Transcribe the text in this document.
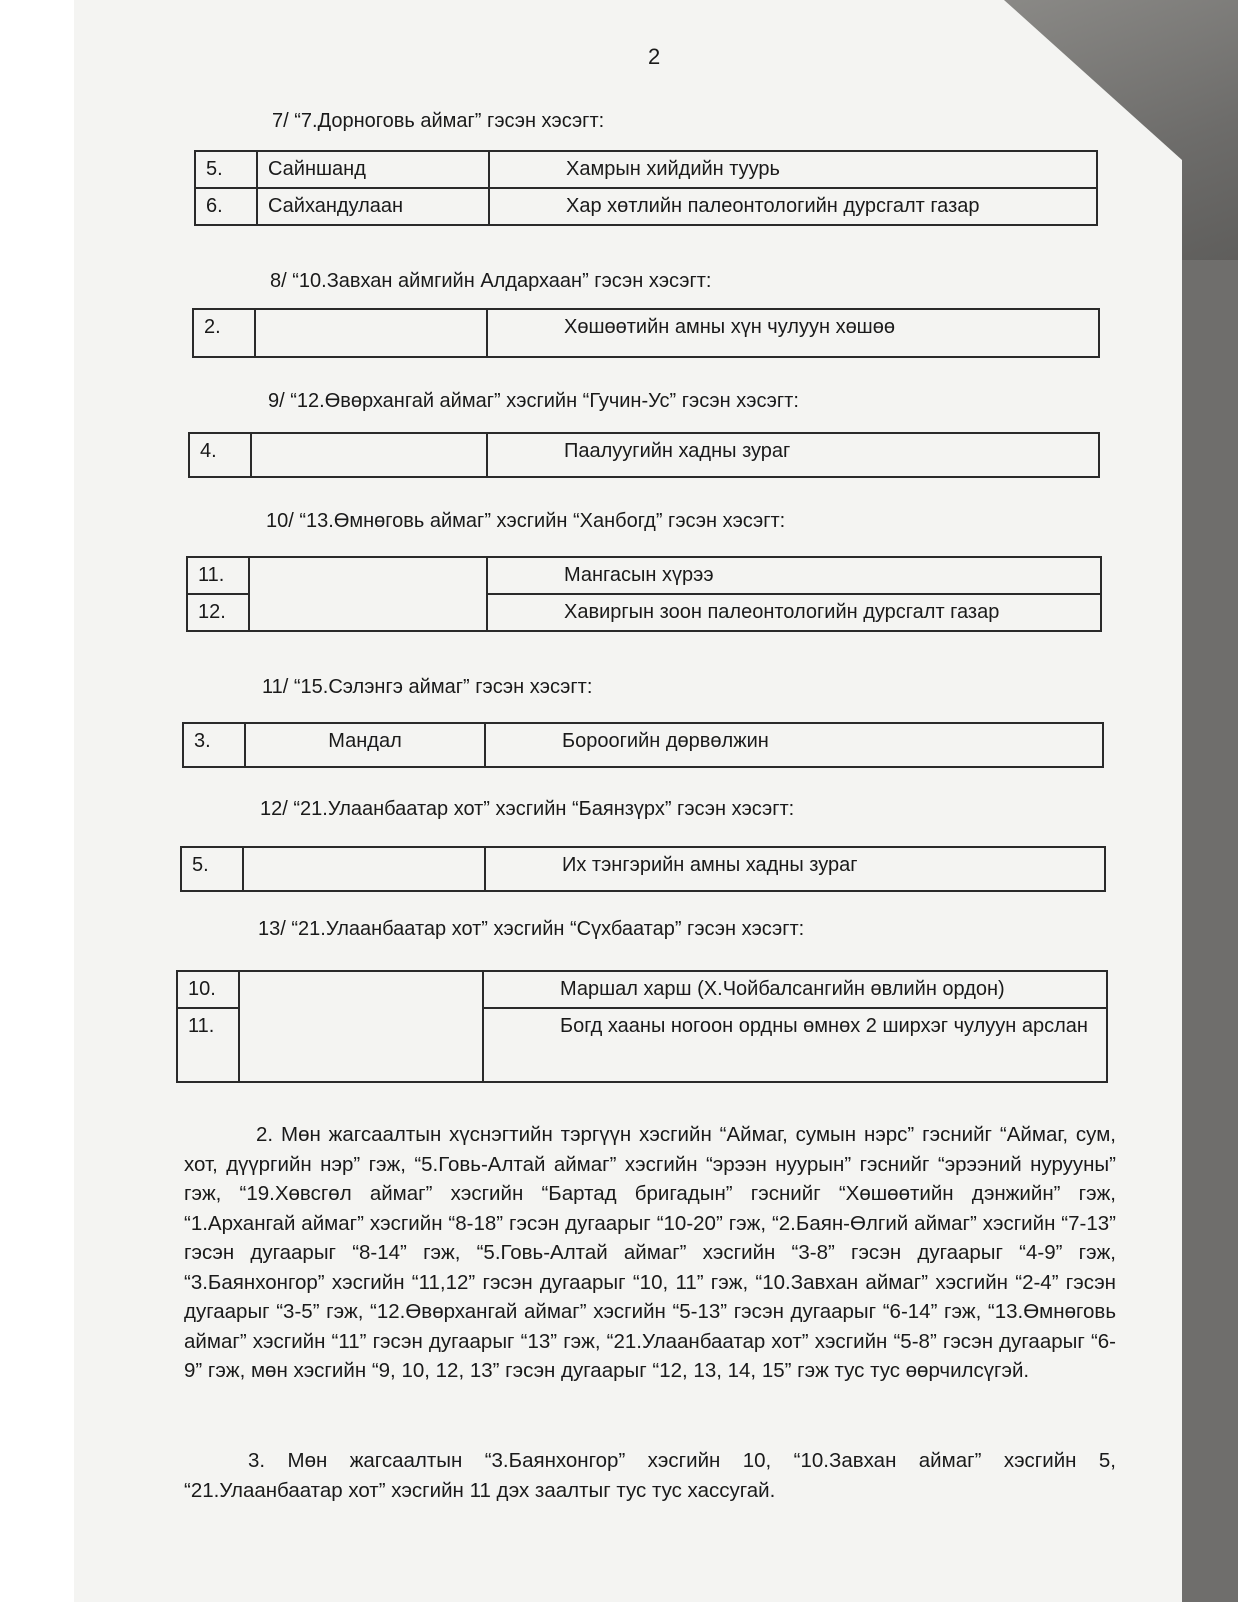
2
7/ “7.Дорноговь аймаг” гэсэн хэсэгт:
5.	Сайншанд	Хамрын хийдийн туурь
6.	Сайхандулаан	Хар хөтлийн палеонтологийн дурсгалт газар
8/ “10.Завхан аймгийн Алдархаан” гэсэн хэсэгт:
2.		Хөшөөтийн амны хүн чулуун хөшөө
9/ “12.Өвөрхангай аймаг” хэсгийн “Гучин-Ус” гэсэн хэсэгт:
4.		Паалуугийн хадны зураг
10/ “13.Өмнөговь аймаг” хэсгийн “Ханбогд” гэсэн хэсэгт:
11.		Мангасын хүрээ
12.		Хавиргын зоон палеонтологийн дурсгалт газар
11/ “15.Сэлэнгэ аймаг” гэсэн хэсэгт:
3.	Мандал	Бороогийн дөрвөлжин
12/ “21.Улаанбаатар хот” хэсгийн “Баянзүрх” гэсэн хэсэгт:
5.		Их тэнгэрийн амны хадны зураг
13/ “21.Улаанбаатар хот” хэсгийн “Сүхбаатар” гэсэн хэсэгт:
10.		Маршал харш (Х.Чойбалсангийн өвлийн ордон)
11.		Богд хааны ногоон ордны өмнөх 2 ширхэг чулуун арслан

2. Мөн жагсаалтын хүснэгтийн тэргүүн хэсгийн “Аймаг, сумын нэрс” гэснийг “Аймаг, сум, хот, дүүргийн нэр” гэж, “5.Говь-Алтай аймаг” хэсгийн “эрээн нуурын” гэснийг “эрээний нурууны” гэж, “19.Хөвсгөл аймаг” хэсгийн “Бартад бригадын” гэснийг “Хөшөөтийн дэнжийн” гэж, “1.Архангай аймаг” хэсгийн “8-18” гэсэн дугаарыг “10-20” гэж, “2.Баян-Өлгий аймаг” хэсгийн “7-13” гэсэн дугаарыг “8-14” гэж, “5.Говь-Алтай аймаг” хэсгийн “3-8” гэсэн дугаарыг “4-9” гэж, “3.Баянхонгор” хэсгийн “11,12” гэсэн дугаарыг “10, 11” гэж, “10.Завхан аймаг” хэсгийн “2-4” гэсэн дугаарыг “3-5” гэж, “12.Өвөрхангай аймаг” хэсгийн “5-13” гэсэн дугаарыг “6-14” гэж, “13.Өмнөговь аймаг” хэсгийн “11” гэсэн дугаарыг “13” гэж, “21.Улаанбаатар хот” хэсгийн “5-8” гэсэн дугаарыг “6-9” гэж, мөн хэсгийн “9, 10, 12, 13” гэсэн дугаарыг “12, 13, 14, 15” гэж тус тус өөрчилсүгэй.

3. Мөн жагсаалтын “3.Баянхонгор” хэсгийн 10, “10.Завхан аймаг” хэсгийн 5, “21.Улаанбаатар хот” хэсгийн 11 дэх заалтыг тус тус хассугай.
